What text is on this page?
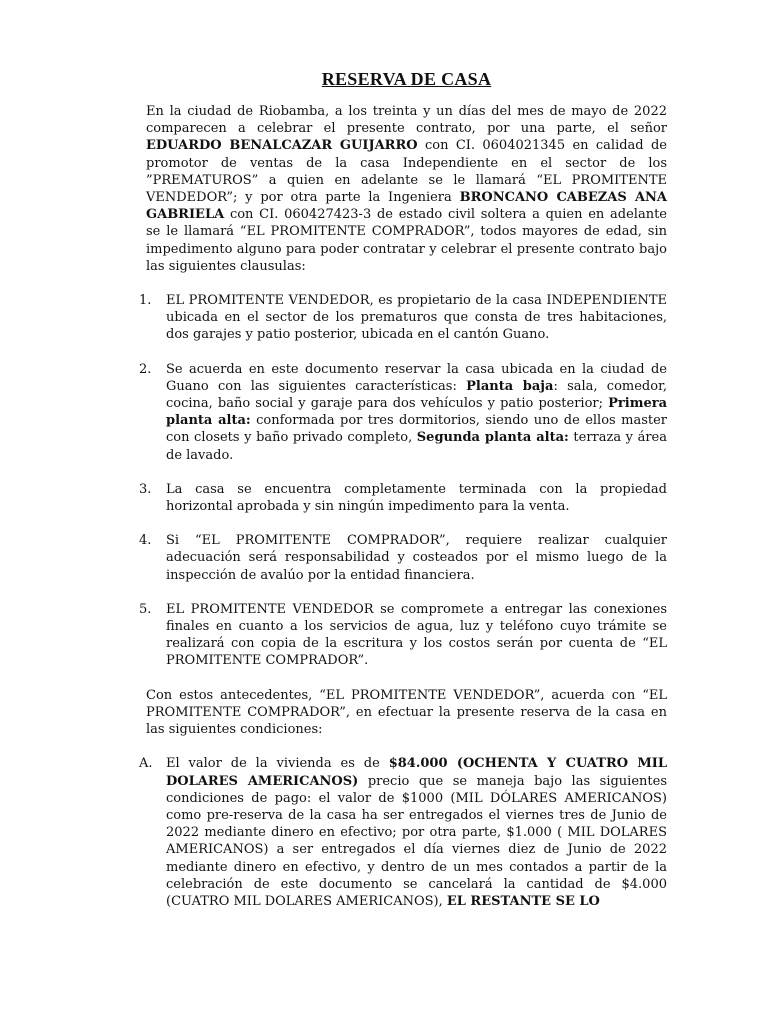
RESERVA DE CASA

En la ciudad de Riobamba, a los treinta y un días del mes de mayo de 2022 comparecen a celebrar el presente contrato, por una parte, el señor EDUARDO BENALCAZAR GUIJARRO con CI. 0604021345 en calidad de promotor de ventas de la casa Independiente en el sector de los ”PREMATUROS” a quien en adelante se le llamará “EL PROMITENTE VENDEDOR”; y por otra parte la Ingeniera BRONCANO CABEZAS ANA GABRIELA con CI. 060427423-3 de estado civil soltera a quien en adelante se le llamará “EL PROMITENTE COMPRADOR”, todos mayores de edad, sin impedimento alguno para poder contratar y celebrar el presente contrato bajo las siguientes clausulas:

1.	EL PROMITENTE VENDEDOR, es propietario de la casa INDEPENDIENTE ubicada en el sector de los prematuros que consta de tres habitaciones, dos garajes y patio posterior, ubicada en el cantón Guano.
2.	Se acuerda en este documento reservar la casa ubicada en la ciudad de Guano con las siguientes características: Planta baja: sala, comedor, cocina, baño social y garaje para dos vehículos y patio posterior; Primera planta alta: conformada por tres dormitorios, siendo uno de ellos master con closets y baño privado completo, Segunda planta alta: terraza y área de lavado.
3.	La casa se encuentra completamente terminada con la propiedad horizontal aprobada y sin ningún impedimento para la venta.
4.	Si “EL PROMITENTE COMPRADOR”, requiere realizar cualquier adecuación será responsabilidad y costeados por el mismo luego de la inspección de avalúo por la entidad financiera.
5.	EL PROMITENTE VENDEDOR se compromete a entregar las conexiones finales en cuanto a los servicios de agua, luz y teléfono cuyo trámite se realizará con copia de la escritura y los costos serán por cuenta de “EL PROMITENTE COMPRADOR”.

Con estos antecedentes, “EL PROMITENTE VENDEDOR”, acuerda con “EL PROMITENTE COMPRADOR”, en efectuar la presente reserva de la casa en las siguientes condiciones:

A.	El valor de la vivienda es de $84.000 (OCHENTA Y CUATRO MIL DOLARES AMERICANOS) precio que se maneja bajo las siguientes condiciones de pago: el valor de $1000 (MIL DÓLARES AMERICANOS) como pre-reserva de la casa ha ser entregados el viernes tres de Junio de 2022 mediante dinero en efectivo; por otra parte, $1.000 ( MIL DOLARES AMERICANOS) a ser entregados el día viernes diez de Junio de 2022 mediante dinero en efectivo, y dentro de un mes contados a partir de la celebración de este documento se cancelará la cantidad de $4.000 (CUATRO MIL DOLARES AMERICANOS), EL RESTANTE SE LO
